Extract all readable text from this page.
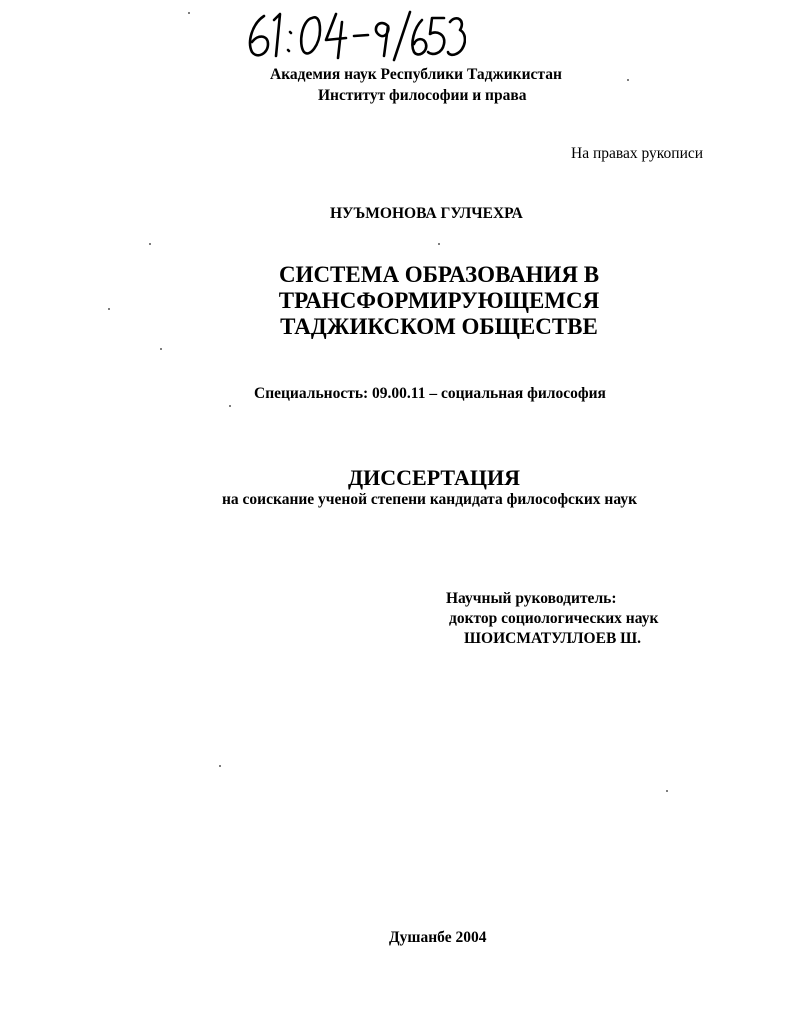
Академия наук Республики Таджикистан
Институт философии и права
На правах рукописи
НУЪМОНОВА ГУЛЧЕХРА
СИСТЕМА ОБРАЗОВАНИЯ В
ТРАНСФОРМИРУЮЩЕМСЯ
ТАДЖИКСКОМ ОБЩЕСТВЕ
Специальность: 09.00.11 – социальная философия
ДИССЕРТАЦИЯ
на соискание ученой степени кандидата философских наук
Научный руководитель:
доктор социологических наук
ШОИСМАТУЛЛОЕВ Ш.
Душанбе 2004
